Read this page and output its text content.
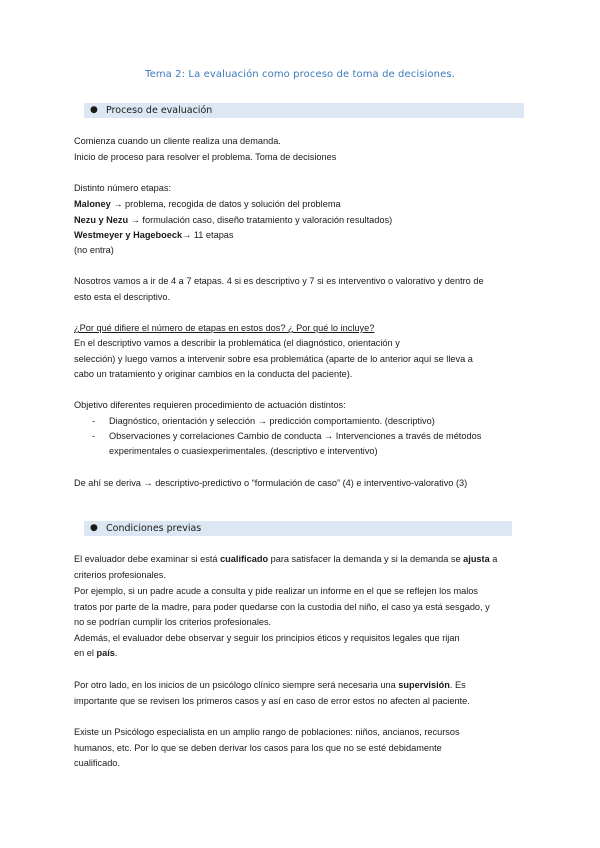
Tema 2: La evaluación como proceso de toma de decisiones.
● Proceso de evaluación
Comienza cuando un cliente realiza una demanda.
Inicio de proceso para resolver el problema. Toma de decisiones
Distinto número etapas:
Maloney → problema, recogida de datos y solución del problema
Nezu y Nezu → formulación caso, diseño tratamiento y valoración resultados)
Westmeyer y Hageboeck→ 11 etapas
(no entra)
Nosotros vamos a ir de 4 a 7 etapas. 4 si es descriptivo y 7 si es interventivo o valorativo y dentro de
esto esta el descriptivo.
¿Por qué difiere el número de etapas en estos dos? ¿ Por qué lo incluye?
En el descriptivo vamos a describir la problemática (el diagnóstico, orientación y
selección) y luego vamos a intervenir sobre esa problemática (aparte de lo anterior aquí se lleva a
cabo un tratamiento y originar cambios en la conducta del paciente).
Objetivo diferentes requieren procedimiento de actuación distintos:
- Diagnóstico, orientación y selección → predicción comportamiento. (descriptivo)
- Observaciones y correlaciones Cambio de conducta → Intervenciones a través de métodos
experimentales o cuasiexperimentales. (descriptivo e interventivo)
De ahí se deriva → descriptivo-predictivo o “formulación de caso” (4) e interventivo-valorativo (3)
● Condiciones previas
El evaluador debe examinar si está cualificado para satisfacer la demanda y si la demanda se ajusta a
criterios profesionales.
Por ejemplo, si un padre acude a consulta y pide realizar un informe en el que se reflejen los malos
tratos por parte de la madre, para poder quedarse con la custodia del niño, el caso ya está sesgado, y
no se podrían cumplir los criterios profesionales.
Además, el evaluador debe observar y seguir los principios éticos y requisitos legales que rijan
en el país.
Por otro lado, en los inicios de un psicólogo clínico siempre será necesaria una supervisión. Es
importante que se revisen los primeros casos y así en caso de error estos no afecten al paciente.
Existe un Psicólogo especialista en un amplio rango de poblaciones: niños, ancianos, recursos
humanos, etc. Por lo que se deben derivar los casos para los que no se esté debidamente
cualificado.
